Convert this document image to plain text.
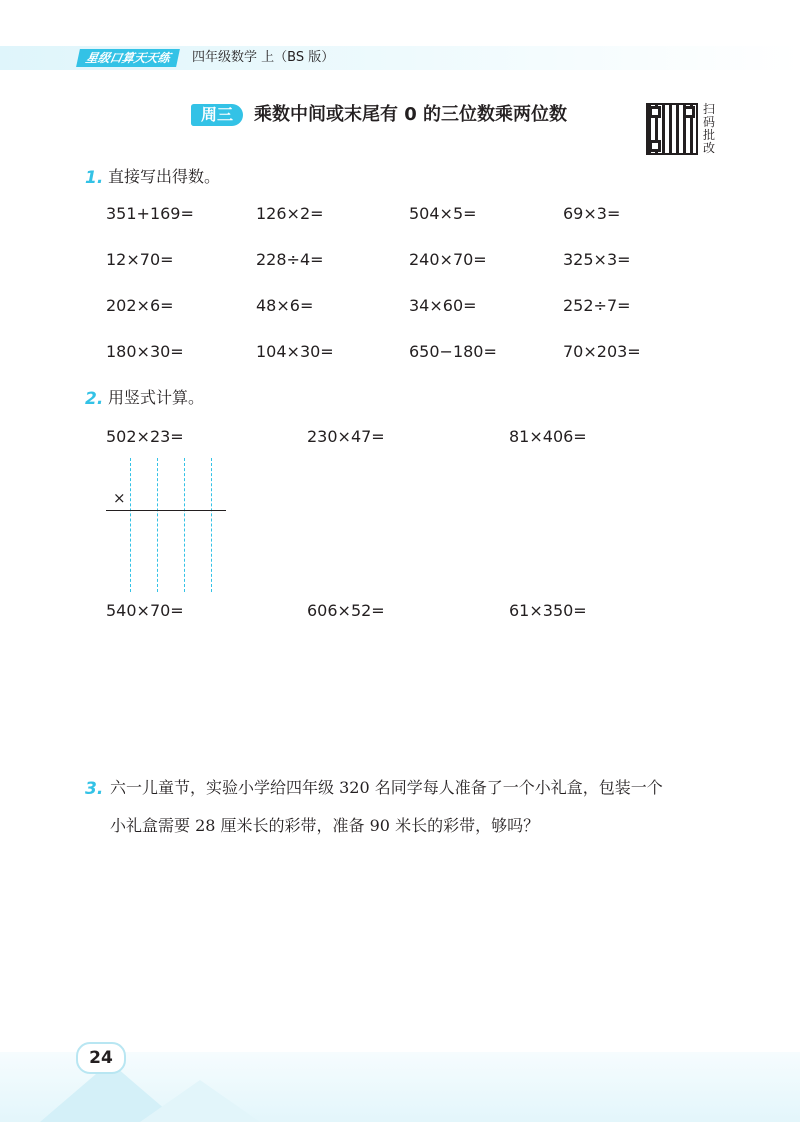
星级口算天天练	四年级数学 上（BS 版）
周三	乘数中间或末尾有 0 的三位数乘两位数	扫码批改
1. 直接写出得数。
351+169=	126×2=	504×5=	69×3=
12×70=	228÷4=	240×70=	325×3=
202×6=	48×6=	34×60=	252÷7=
180×30=	104×30=	650−180=	70×203=
2. 用竖式计算。
502×23=	230×47=	81×406=
×
540×70=	606×52=	61×350=
3. 六一儿童节，实验小学给四年级 320 名同学每人准备了一个小礼盒，包装一个
小礼盒需要 28 厘米长的彩带，准备 90 米长的彩带，够吗？
24
